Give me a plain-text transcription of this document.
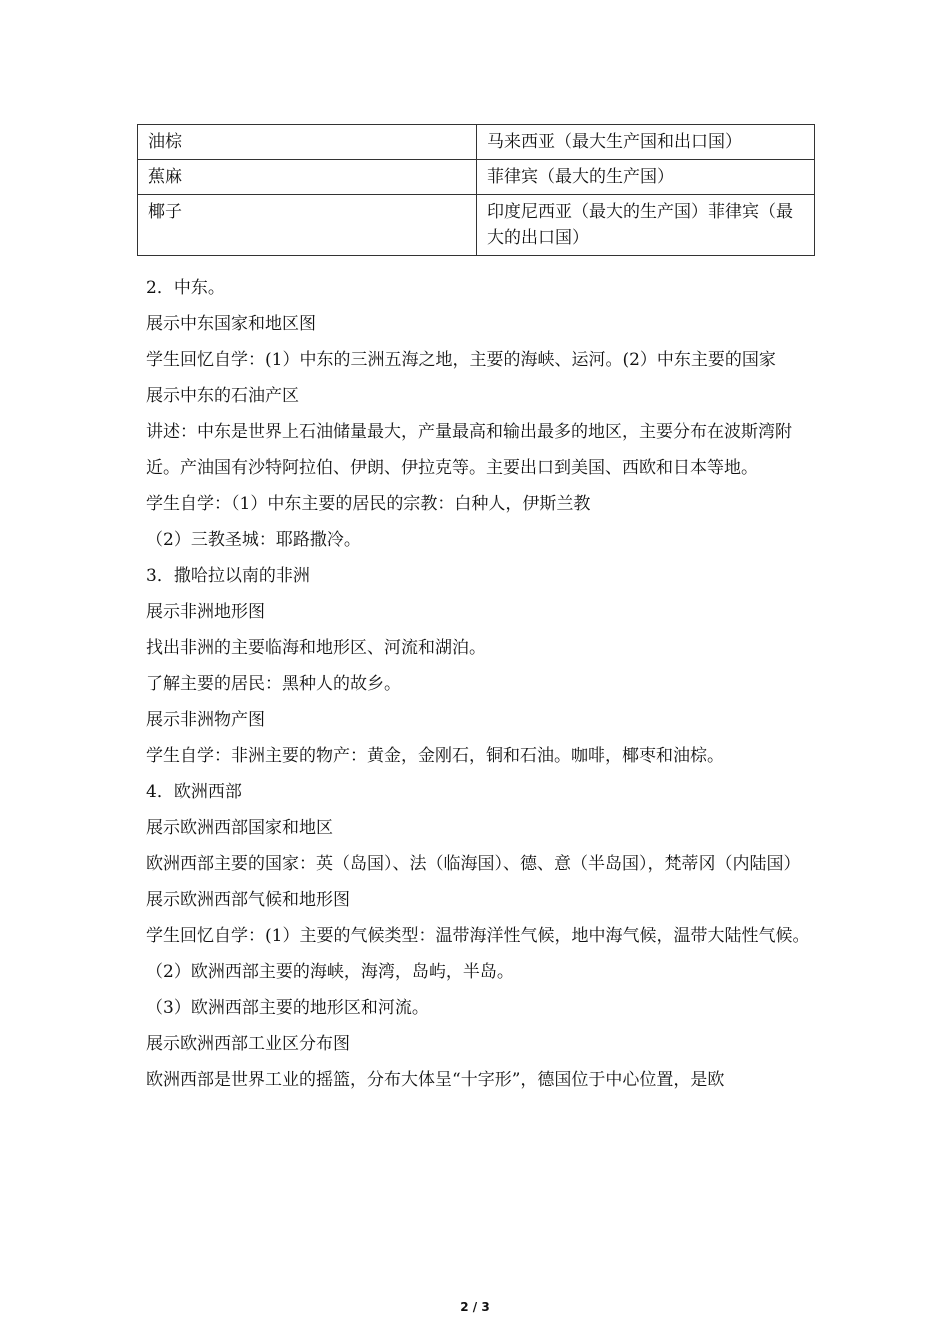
油棕	马来西亚（最大生产国和出口国）
蕉麻	菲律宾（最大的生产国）
椰子	印度尼西亚（最大的生产国）菲律宾（最大的出口国）

2．中东。

展示中东国家和地区图

学生回忆自学：(1）中东的三洲五海之地，主要的海峡、运河。(2）中东主要的国家

展示中东的石油产区

讲述：中东是世界上石油储量最大，产量最高和输出最多的地区，主要分布在波斯湾附近。产油国有沙特阿拉伯、伊朗、伊拉克等。主要出口到美国、西欧和日本等地。

学生自学：（1）中东主要的居民的宗教：白种人，伊斯兰教

（2）三教圣城：耶路撒冷。

3．撒哈拉以南的非洲

展示非洲地形图

找出非洲的主要临海和地形区、河流和湖泊。

了解主要的居民：黑种人的故乡。

展示非洲物产图

学生自学：非洲主要的物产：黄金，金刚石，铜和石油。咖啡，椰枣和油棕。

4．欧洲西部

展示欧洲西部国家和地区

欧洲西部主要的国家：英（岛国）、法（临海国）、德、意（半岛国），梵蒂冈（内陆国）

展示欧洲西部气候和地形图

学生回忆自学：(1）主要的气候类型：温带海洋性气候，地中海气候，温带大陆性气候。

（2）欧洲西部主要的海峡，海湾，岛屿，半岛。

（3）欧洲西部主要的地形区和河流。

展示欧洲西部工业区分布图

欧洲西部是世界工业的摇篮，分布大体呈“十字形”，德国位于中心位置，是欧

2 / 3
